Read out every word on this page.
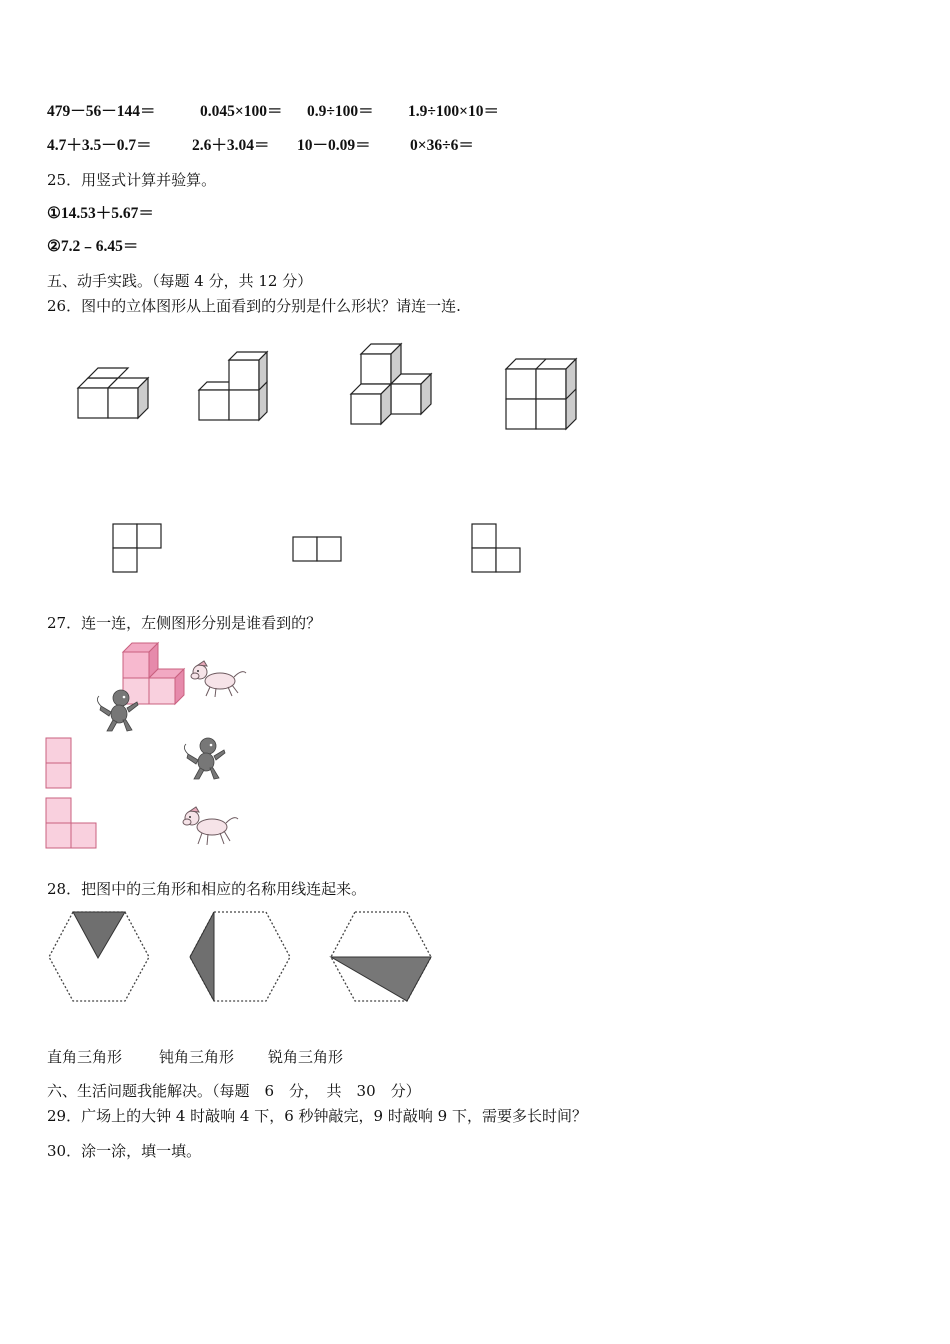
479－56－144＝	0.045×100＝ 0.9÷100＝ 1.9÷100×10＝
4.7＋3.5－0.7＝	2.6＋3.04＝ 10－0.09＝	0×36÷6＝
25．用竖式计算并验算。
①14.53＋5.67＝
②7.2﹣6.45＝
五、动手实践。（每题 4 分，共 12 分）
26．图中的立体图形从上面看到的分别是什么形状？请连一连.
27．连一连，左侧图形分别是谁看到的？
28．把图中的三角形和相应的名称用线连起来。
直角三角形 钝角三角形 锐角三角形
六、生活问题我能解决。（每题　6　分，　共　30　分）
29．广场上的大钟 4 时敲响 4 下，6 秒钟敲完，9 时敲响 9 下，需要多长时间？
30．涂一涂，填一填。
